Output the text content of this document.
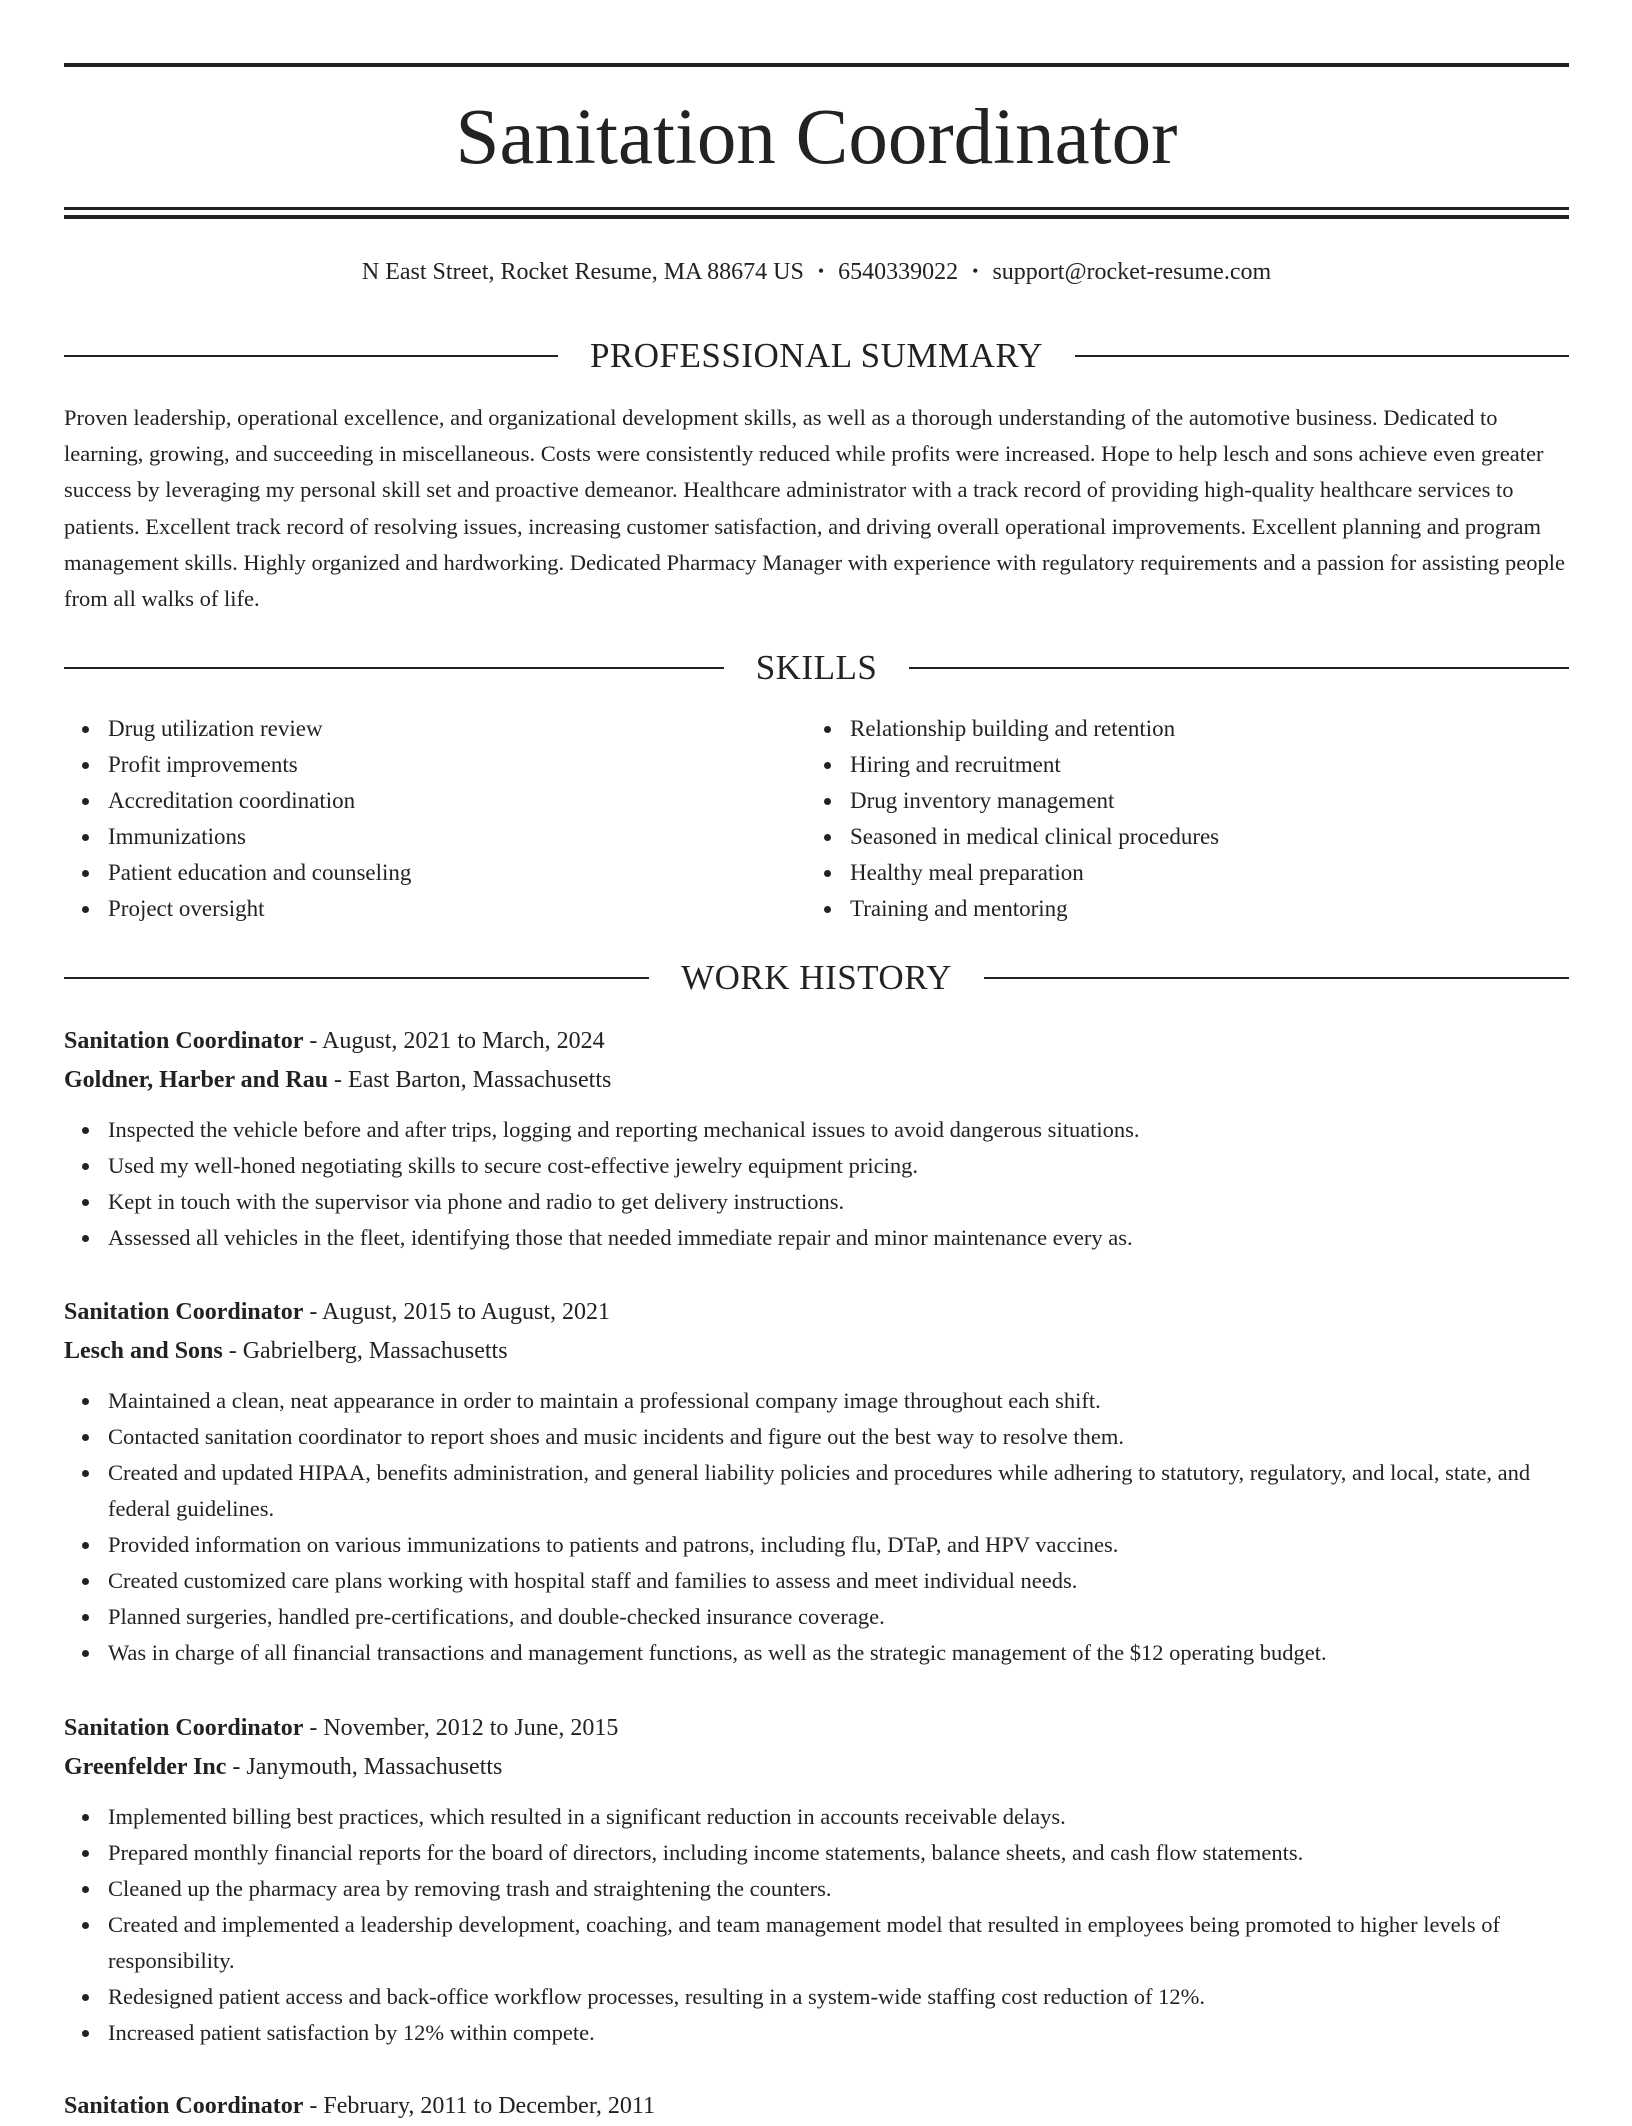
Sanitation Coordinator
N East Street, Rocket Resume, MA 88674 US • 6540339022 • support@rocket-resume.com
PROFESSIONAL SUMMARY

Proven leadership, operational excellence, and organizational development skills, as well as a thorough understanding of the automotive business. Dedicated to learning, growing, and succeeding in miscellaneous. Costs were consistently reduced while profits were increased. Hope to help lesch and sons achieve even greater success by leveraging my personal skill set and proactive demeanor. Healthcare administrator with a track record of providing high-quality healthcare services to patients. Excellent track record of resolving issues, increasing customer satisfaction, and driving overall operational improvements. Excellent planning and program management skills. Highly organized and hardworking. Dedicated Pharmacy Manager with experience with regulatory requirements and a passion for assisting people from all walks of life.

SKILLS
Drug utilization review
Profit improvements
Accreditation coordination
Immunizations
Patient education and counseling
Project oversight
Relationship building and retention
Hiring and recruitment
Drug inventory management
Seasoned in medical clinical procedures
Healthy meal preparation
Training and mentoring
WORK HISTORY
Sanitation Coordinator - August, 2021 to March, 2024
Goldner, Harber and Rau - East Barton, Massachusetts
Inspected the vehicle before and after trips, logging and reporting mechanical issues to avoid dangerous situations.
Used my well-honed negotiating skills to secure cost-effective jewelry equipment pricing.
Kept in touch with the supervisor via phone and radio to get delivery instructions.
Assessed all vehicles in the fleet, identifying those that needed immediate repair and minor maintenance every as.
Sanitation Coordinator - August, 2015 to August, 2021
Lesch and Sons - Gabrielberg, Massachusetts
Maintained a clean, neat appearance in order to maintain a professional company image throughout each shift.
Contacted sanitation coordinator to report shoes and music incidents and figure out the best way to resolve them.
Created and updated HIPAA, benefits administration, and general liability policies and procedures while adhering to statutory, regulatory, and local, state, and federal guidelines.
Provided information on various immunizations to patients and patrons, including flu, DTaP, and HPV vaccines.
Created customized care plans working with hospital staff and families to assess and meet individual needs.
Planned surgeries, handled pre-certifications, and double-checked insurance coverage.
Was in charge of all financial transactions and management functions, as well as the strategic management of the $12 operating budget.
Sanitation Coordinator - November, 2012 to June, 2015
Greenfelder Inc - Janymouth, Massachusetts
Implemented billing best practices, which resulted in a significant reduction in accounts receivable delays.
Prepared monthly financial reports for the board of directors, including income statements, balance sheets, and cash flow statements.
Cleaned up the pharmacy area by removing trash and straightening the counters.
Created and implemented a leadership development, coaching, and team management model that resulted in employees being promoted to higher levels of responsibility.
Redesigned patient access and back-office workflow processes, resulting in a system-wide staffing cost reduction of 12%.
Increased patient satisfaction by 12% within compete.
Sanitation Coordinator - February, 2011 to December, 2011
